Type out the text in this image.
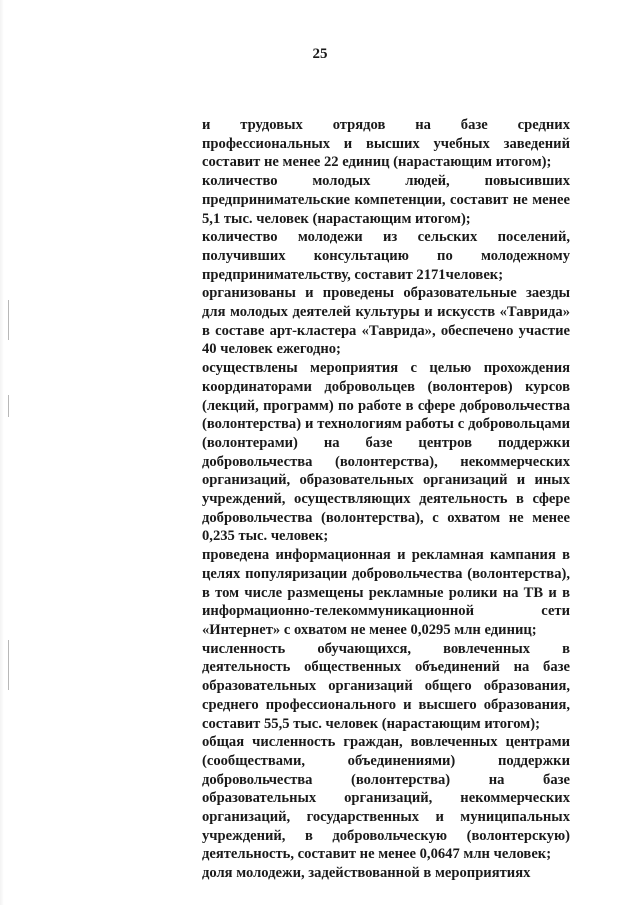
25

и трудовых отрядов на базе средних профессиональных и высших учебных заведений составит не менее 22 единиц (нарастающим итогом);

количество молодых людей, повысивших предпринимательские компетенции, составит не менее 5,1 тыс. человек (нарастающим итогом);

количество молодежи из сельских поселений, получивших консультацию по молодежному предпринимательству, составит 2171человек;

организованы и проведены образовательные заезды для молодых деятелей культуры и искусств «Таврида» в составе арт-кластера «Таврида», обеспечено участие 40 человек ежегодно;

осуществлены мероприятия с целью прохождения координаторами добровольцев (волонтеров) курсов (лекций, программ) по работе в сфере добровольчества (волонтерства) и технологиям работы с добровольцами (волонтерами) на базе центров поддержки добровольчества (волонтерства), некоммерческих организаций, образовательных организаций и иных учреждений, осуществляющих деятельность в сфере добровольчества (волонтерства), с охватом не менее 0,235 тыс. человек;

проведена информационная и рекламная кампания в целях популяризации добровольчества (волонтерства), в том числе размещены рекламные ролики на ТВ и в информационно-телекоммуникационной сети «Интернет» с охватом не менее 0,0295 млн единиц;

численность обучающихся, вовлеченных в деятельность общественных объединений на базе образовательных организаций общего образования, среднего профессионального и высшего образования, составит 55,5 тыс. человек (нарастающим итогом);

общая численность граждан, вовлеченных центрами (сообществами, объединениями) поддержки добровольчества (волонтерства) на базе образовательных организаций, некоммерческих организаций, государственных и муниципальных учреждений, в добровольческую (волонтерскую) деятельность, составит не менее 0,0647 млн человек;

доля молодежи, задействованной в мероприятиях
